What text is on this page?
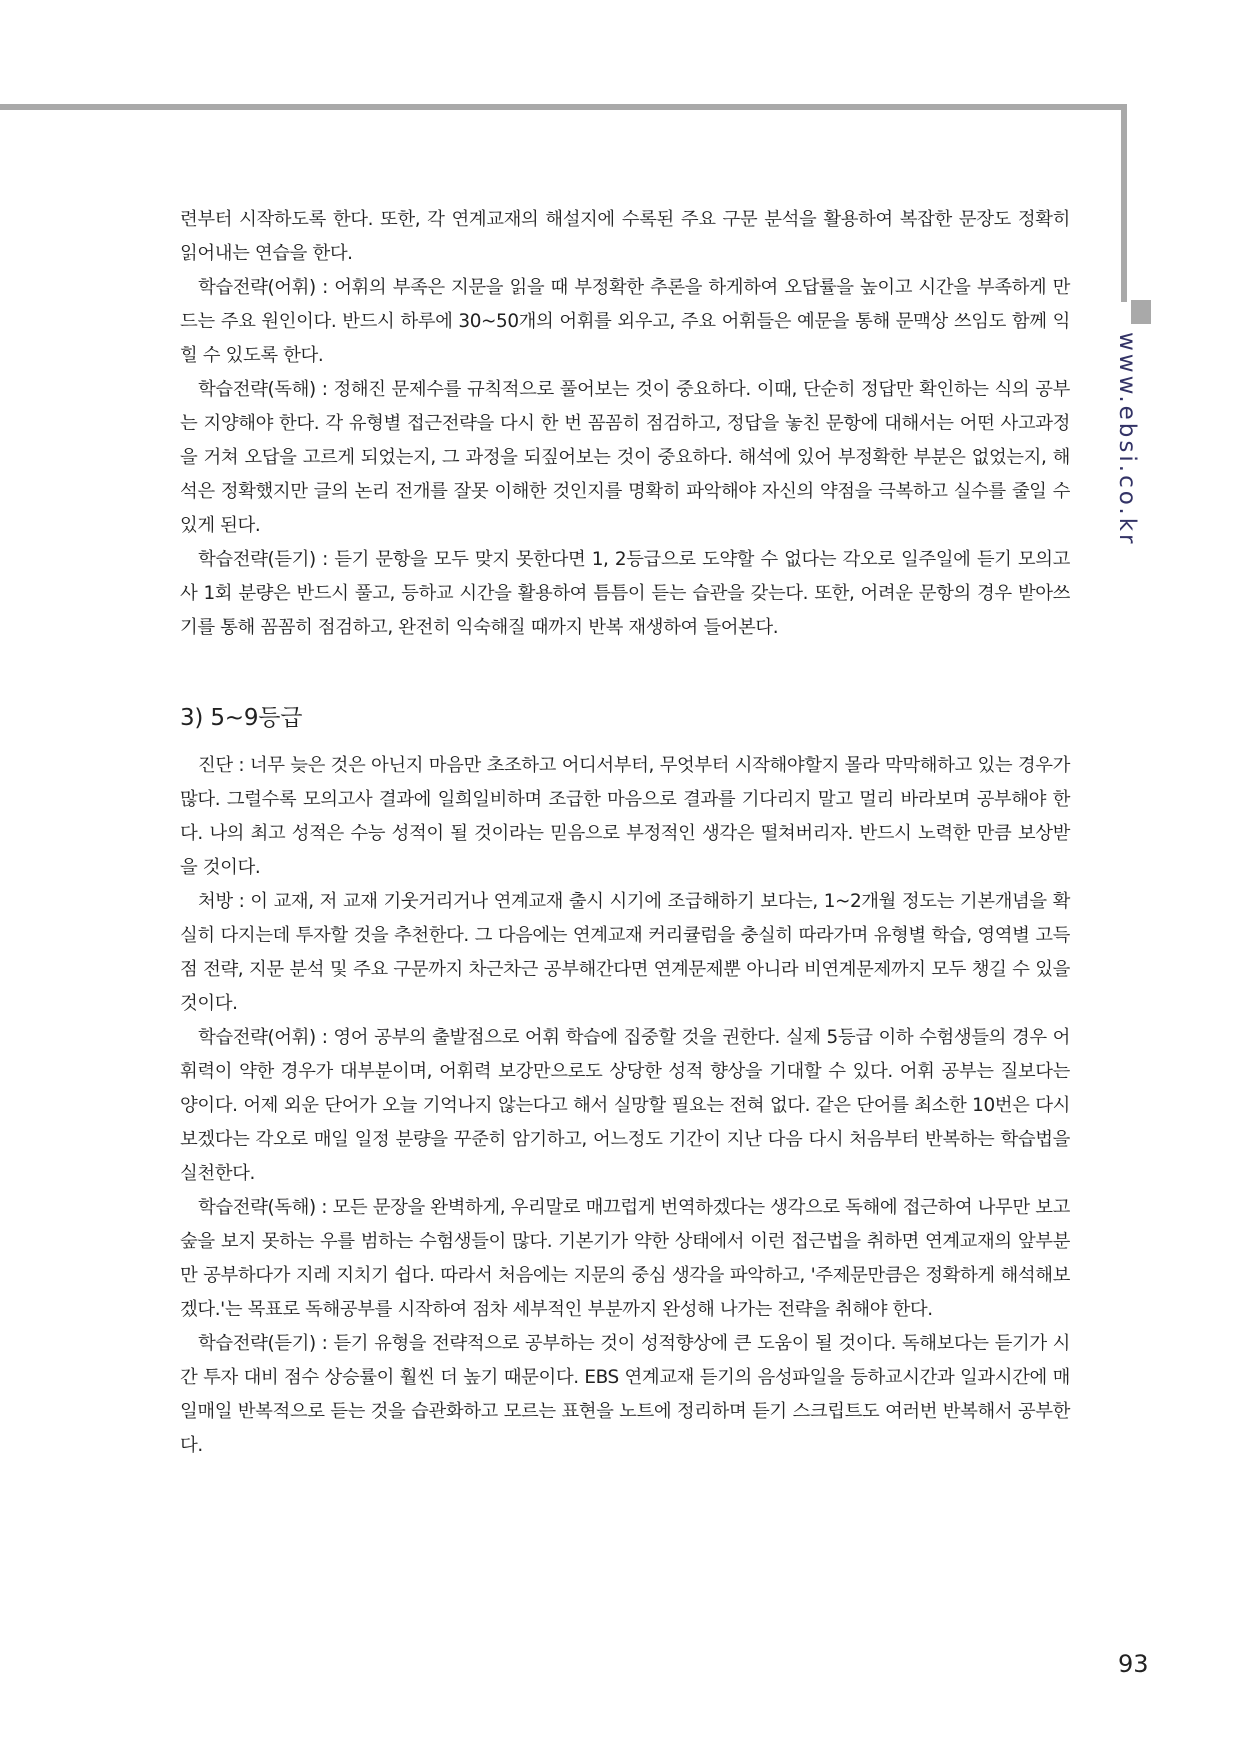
www.ebsi.co.kr

련부터 시작하도록 한다. 또한, 각 연계교재의 해설지에 수록된 주요 구문 분석을 활용하여 복잡한 문장도 정확히 읽어내는 연습을 한다.

학습전략(어휘) : 어휘의 부족은 지문을 읽을 때 부정확한 추론을 하게하여 오답률을 높이고 시간을 부족하게 만드는 주요 원인이다. 반드시 하루에 30~50개의 어휘를 외우고, 주요 어휘들은 예문을 통해 문맥상 쓰임도 함께 익힐 수 있도록 한다.

학습전략(독해) : 정해진 문제수를 규칙적으로 풀어보는 것이 중요하다. 이때, 단순히 정답만 확인하는 식의 공부는 지양해야 한다. 각 유형별 접근전략을 다시 한 번 꼼꼼히 점검하고, 정답을 놓친 문항에 대해서는 어떤 사고과정을 거쳐 오답을 고르게 되었는지, 그 과정을 되짚어보는 것이 중요하다. 해석에 있어 부정확한 부분은 없었는지, 해석은 정확했지만 글의 논리 전개를 잘못 이해한 것인지를 명확히 파악해야 자신의 약점을 극복하고 실수를 줄일 수 있게 된다.

학습전략(듣기) : 듣기 문항을 모두 맞지 못한다면 1, 2등급으로 도약할 수 없다는 각오로 일주일에 듣기 모의고사 1회 분량은 반드시 풀고, 등하교 시간을 활용하여 틈틈이 듣는 습관을 갖는다. 또한, 어려운 문항의 경우 받아쓰기를 통해 꼼꼼히 점검하고, 완전히 익숙해질 때까지 반복 재생하여 들어본다.

3) 5~9등급

진단 : 너무 늦은 것은 아닌지 마음만 초조하고 어디서부터, 무엇부터 시작해야할지 몰라 막막해하고 있는 경우가 많다. 그럴수록 모의고사 결과에 일희일비하며 조급한 마음으로 결과를 기다리지 말고 멀리 바라보며 공부해야 한다. 나의 최고 성적은 수능 성적이 될 것이라는 믿음으로 부정적인 생각은 떨쳐버리자. 반드시 노력한 만큼 보상받을 것이다.

처방 : 이 교재, 저 교재 기웃거리거나 연계교재 출시 시기에 조급해하기 보다는, 1~2개월 정도는 기본개념을 확실히 다지는데 투자할 것을 추천한다. 그 다음에는 연계교재 커리큘럼을 충실히 따라가며 유형별 학습, 영역별 고득점 전략, 지문 분석 및 주요 구문까지 차근차근 공부해간다면 연계문제뿐 아니라 비연계문제까지 모두 챙길 수 있을 것이다.

학습전략(어휘) : 영어 공부의 출발점으로 어휘 학습에 집중할 것을 권한다. 실제 5등급 이하 수험생들의 경우 어휘력이 약한 경우가 대부분이며, 어휘력 보강만으로도 상당한 성적 향상을 기대할 수 있다. 어휘 공부는 질보다는 양이다. 어제 외운 단어가 오늘 기억나지 않는다고 해서 실망할 필요는 전혀 없다. 같은 단어를 최소한 10번은 다시 보겠다는 각오로 매일 일정 분량을 꾸준히 암기하고, 어느정도 기간이 지난 다음 다시 처음부터 반복하는 학습법을 실천한다.

학습전략(독해) : 모든 문장을 완벽하게, 우리말로 매끄럽게 번역하겠다는 생각으로 독해에 접근하여 나무만 보고 숲을 보지 못하는 우를 범하는 수험생들이 많다. 기본기가 약한 상태에서 이런 접근법을 취하면 연계교재의 앞부분만 공부하다가 지레 지치기 쉽다. 따라서 처음에는 지문의 중심 생각을 파악하고, '주제문만큼은 정확하게 해석해보겠다.'는 목표로 독해공부를 시작하여 점차 세부적인 부분까지 완성해 나가는 전략을 취해야 한다.

학습전략(듣기) : 듣기 유형을 전략적으로 공부하는 것이 성적향상에 큰 도움이 될 것이다. 독해보다는 듣기가 시간 투자 대비 점수 상승률이 훨씬 더 높기 때문이다. EBS 연계교재 듣기의 음성파일을 등하교시간과 일과시간에 매일매일 반복적으로 듣는 것을 습관화하고 모르는 표현을 노트에 정리하며 듣기 스크립트도 여러번 반복해서 공부한다.

93
